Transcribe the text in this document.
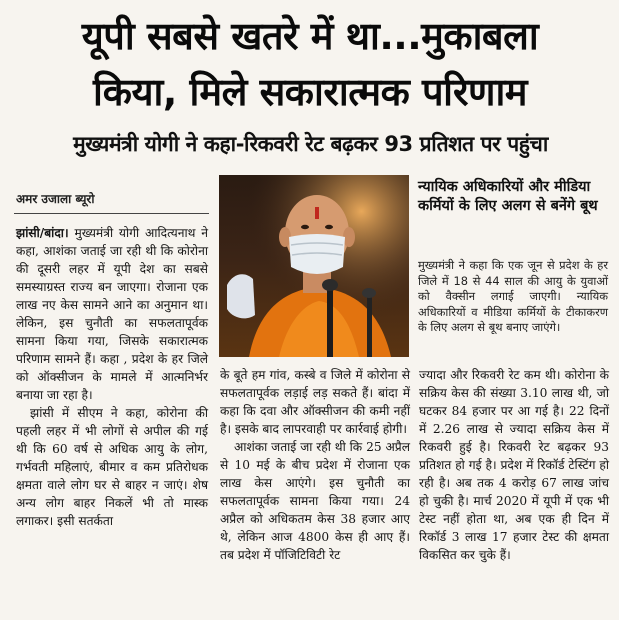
यूपी सबसे खतरे में था...मुकाबला
किया, मिले सकारात्मक परिणाम
मुख्यमंत्री योगी ने कहा-रिकवरी रेट बढ़कर 93 प्रतिशत पर पहुंचा
अमर उजाला ब्यूरो

झांसी/बांदा। मुख्यमंत्री योगी आदित्यनाथ ने कहा, आशंका जताई जा रही थी कि कोरोना की दूसरी लहर में यूपी देश का सबसे समस्याग्रस्त राज्य बन जाएगा। रोजाना एक लाख नए केस सामने आने का अनुमान था। लेकिन, इस चुनौती का सफलतापूर्वक सामना किया गया, जिसके सकारात्मक परिणाम सामने हैं। कहा , प्रदेश के हर जिले को ऑक्सीजन के मामले में आत्मनिर्भर बनाया जा रहा है।

झांसी में सीएम ने कहा, कोरोना की पहली लहर में भी लोगों से अपील की गई थी कि 60 वर्ष से अधिक आयु के लोग, गर्भवती महिलाएं, बीमार व कम प्रतिरोधक क्षमता वाले लोग घर से बाहर न जाएं। शेष अन्य लोग बाहर निकलें भी तो मास्क लगाकर। इसी सतर्कता

न्यायिक अधिकारियों और मीडिया कर्मियों के लिए अलग से बनेंगे बूथ
मुख्यमंत्री ने कहा कि एक जून से प्रदेश के हर जिले में 18 से 44 साल की आयु के युवाओं को वैक्सीन लगाई जाएगी। न्यायिक अधिकारियों व मीडिया कर्मियों के टीकाकरण के लिए अलग से बूथ बनाए जाएंगे।

के बूते हम गांव, कस्बे व जिले में कोरोना से सफलतापूर्वक लड़ाई लड़ सकते हैं। बांदा में कहा कि दवा और ऑक्सीजन की कमी नहीं है। इसके बाद लापरवाही पर कार्रवाई होगी।

आशंका जताई जा रही थी कि 25 अप्रैल से 10 मई के बीच प्रदेश में रोजाना एक लाख केस आएंगे। इस चुनौती का सफलतापूर्वक सामना किया गया। 24 अप्रैल को अधिकतम केस 38 हजार आए थे, लेकिन आज 4800 केस ही आए हैं। तब प्रदेश में पॉजिटिविटी रेट

ज्यादा और रिकवरी रेट कम थी। कोरोना के सक्रिय केस की संख्या 3.10 लाख थी, जो घटकर 84 हजार पर आ गई है। 22 दिनों में 2.26 लाख से ज्यादा सक्रिय केस में रिकवरी हुई है। रिकवरी रेट बढ़कर 93 प्रतिशत हो गई है। प्रदेश में रिकॉर्ड टेस्टिंग हो रही है। अब तक 4 करोड़ 67 लाख जांच हो चुकी है। मार्च 2020 में यूपी में एक भी टेस्ट नहीं होता था, अब एक ही दिन में रिकॉर्ड 3 लाख 17 हजार टेस्ट की क्षमता विकसित कर चुके हैं।
